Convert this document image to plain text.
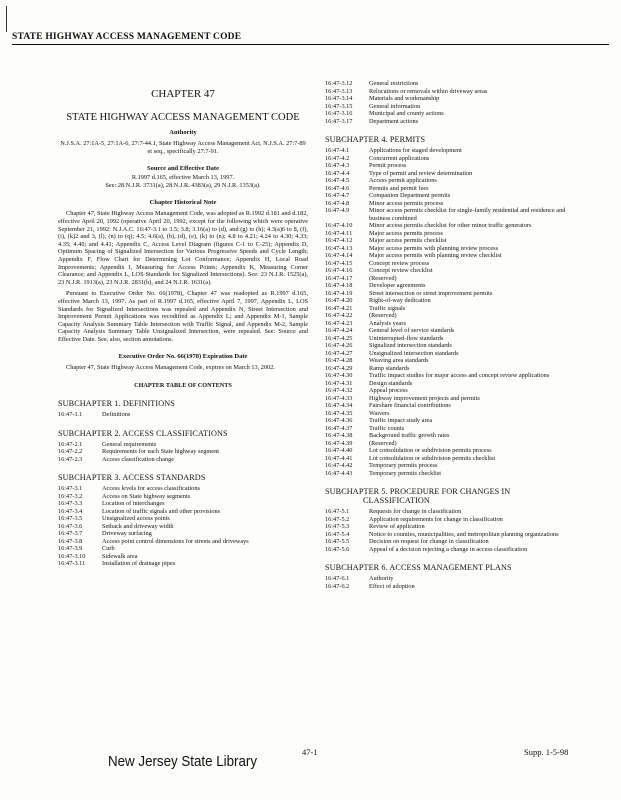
STATE HIGHWAY ACCESS MANAGEMENT CODE
CHAPTER 47
STATE HIGHWAY ACCESS MANAGEMENT CODE
Authority

N.J.S.A. 27:1A-5, 27:1A-6, 27:7-44.1, State Highway Access Management Act, N.J.S.A. 27:7-89 et seq., specifically 27:7-91.

Source and Effective Date

R.1997 d.165, effective March 13, 1997.

See: 28 N.J.R. 3731(a), 28 N.J.R. 4383(a), 29 N.J.R. 1353(a).

Chapter Historical Note

Chapter 47, State Highway Access Management Code, was adopted as R.1992 d.181 and d.182, effective April 20, 1992 (operative April 20, 1992, except for the following which were operative September 21, 1992: N.J.A.C. 16:47-3.1 to 3.5; 3.8; 3.16(a) to (d), and (g) to (h); 4.3(a)6 to 8, (f), (i), (k)2 and 3, (l), (n) to (q); 4.5; 4.6(a), (b), (d), (e), (k) to (n); 4.8 to 4.21; 4.24 to 4.30; 4.33; 4.35; 4.40; and 4.41; Appendix C, Access Level Diagram (figures C-1 to C-25); Appendix D, Optimum Spacing of Signalized Intersection for Various Progressive Speeds and Cycle Length; Appendix F, Flow Chart for Determining Lot Conformance; Appendix H, Local Road Improvements; Appendix I, Measuring for Access Points; Appendix K, Measuring Corner Clearance; and Appendix L, LOS Standards for Signalized Intersections). See: 23 N.J.R. 1525(a), 23 N.J.R. 1913(a), 23 N.J.R. 2831(b), and 24 N.J.R. 1631(a).

Pursuant to Executive Order No. 66(1978), Chapter 47 was readopted as R.1997 d.165, effective March 13, 1997. As part of R.1997 d.165, effective April 7, 1997, Appendix L, LOS Standards for Signalized Intersections was repealed and Appendix N, Street Intersection and Improvement Permit Applications was recodified as Appendix L; and Appendix M-1, Sample Capacity Analysis Summary Table Intersection with Traffic Signal, and Appendix M-2, Sample Capacity Analysis Summary Table Unsignalized Intersection, were repealed. See: Source and Effective Date. See, also, section annotations.

Executive Order No. 66(1978) Expiration Date

Chapter 47, State Highway Access Management Code, expires on March 13, 2002.

CHAPTER TABLE OF CONTENTS
SUBCHAPTER 1. DEFINITIONS
16:47-1.1	Definitions
SUBCHAPTER 2. ACCESS CLASSIFICATIONS
16:47-2.1	General requirements
16:47-2.2	Requirements for each State highway segment
16:47-2.3	Access classification change
SUBCHAPTER 3. ACCESS STANDARDS
16:47-3.1	Access levels for access classifications
16:47-3.2	Access on State highway segments
16:47-3.3	Location of interchanges
16:47-3.4	Location of traffic signals and other provisions
16:47-3.5	Unsignalized access points
16:47-3.6	Setback and driveway width
16:47-3.7	Driveway surfacing
16:47-3.8	Access point control dimensions for streets and driveways
16:47-3.9	Curb
16:47-3.10	Sidewalk area
16:47-3.11	Installation of drainage pipes
16:47-3.12	General restrictions
16:47-3.13	Relocations or removals within driveway areas
16:47-3.14	Materials and workmanship
16:47-3.15	General information
16:47-3.16	Municipal and county actions
16:47-3.17	Department actions
SUBCHAPTER 4. PERMITS
16:47-4.1	Applications for staged development
16:47-4.2	Concurrent applications
16:47-4.3	Permit process
16:47-4.4	Type of permit and review determination
16:47-4.5	Access permit applications
16:47-4.6	Permits and permit fees
16:47-4.7	Companion Department permits
16:47-4.8	Minor access permits process
16:47-4.9	Minor access permits checklist for single-family residential and residence and business combined
16:47-4.10	Minor access permits checklist for other minor traffic generators
16:47-4.11	Major access permits process
16:47-4.12	Major access permits checklist
16:47-4.13	Major access permits with planning review process
16:47-4.14	Major access permits with planning review checklist
16:47-4.15	Concept review process
16:47-4.16	Concept review checklist
16:47-4.17	(Reserved)
16:47-4.18	Developer agreements
16:47-4.19	Street intersection or street improvement permits
16:47-4.20	Right-of-way dedication
16:47-4.21	Traffic signals
16:47-4.22	(Reserved)
16:47-4.23	Analysis years
16:47-4.24	General level of service standards
16:47-4.25	Uninterrupted-flow standards
16:47-4.26	Signalized intersection standards
16:47-4.27	Unsignalized intersection standards
16:47-4.28	Weaving area standards
16:47-4.29	Ramp standards
16:47-4.30	Traffic impact studies for major access and concept review applications
16:47-4.31	Design standards
16:47-4.32	Appeal process
16:47-4.33	Highway improvement projects and permits
16:47-4.34	Fairshare financial contributions
16:47-4.35	Waivers
16:47-4.36	Traffic impact study area
16:47-4.37	Traffic counts
16:47-4.38	Background traffic growth rates
16:47-4.39	(Reserved)
16:47-4.40	Lot consolidation or subdivision permits process
16:47-4.41	Lot consolidation or subdivision permits checklist
16:47-4.42	Temporary permits process
16:47-4.43	Temporary permits checklist
SUBCHAPTER 5. PROCEDURE FOR CHANGES IN
CLASSIFICATION
16:47-5.1	Requests for change in classification
16:47-5.2	Application requirements for change in classification
16:47-5.3	Review of application
16:47-5.4	Notice to counties, municipalities, and metropolitan planning organizations
16:47-5.5	Decision on request for change in classification
16:47-5.6	Appeal of a decision rejecting a change in access classification
SUBCHAPTER 6. ACCESS MANAGEMENT PLANS
16:47-6.1	Authority
16:47-6.2	Effect of adoption
New Jersey State Library
47-1	Supp. 1-5-98
